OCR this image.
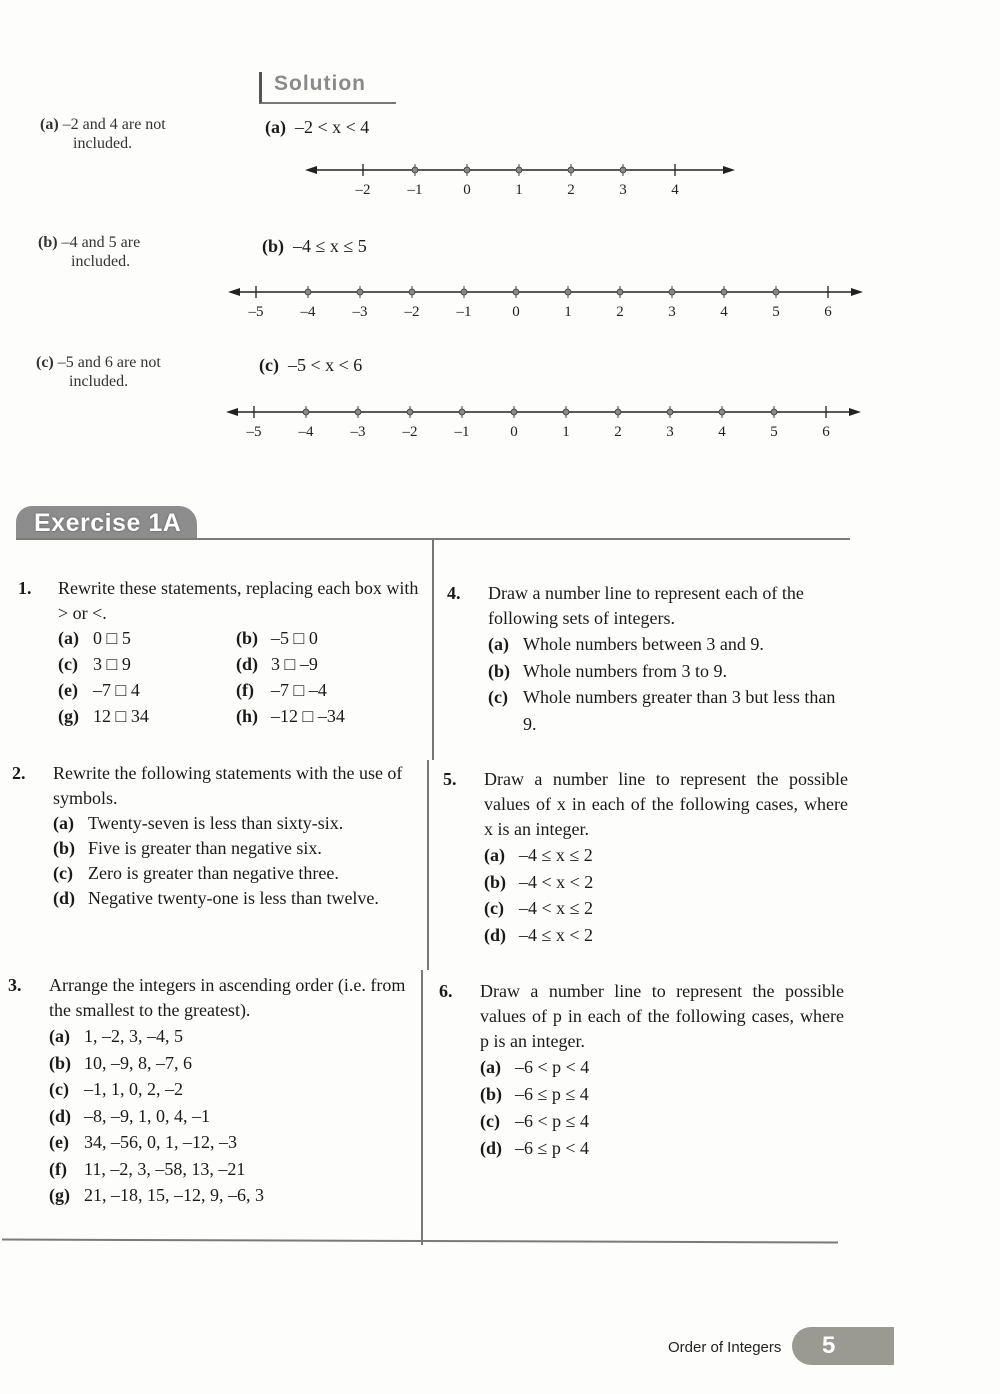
Solution
(a) –2 and 4 are not
included.
(a) –2 < x < 4
–2 –1	0	1	2	3	4
(b) –4 and 5 are
included.
(b) –4 ≤ x ≤ 5
–5 –4 –3 –2 –1	0	1	2	3	4	5	6
(c) –5 and 6 are not
included.
(c) –5 < x < 6
–5 –4 –3 –2 –1	0	1	2	3	4	5	6
Exercise 1A
1. Rewrite these statements, replacing each box with > or <.
(a) 0 □ 5	(b) –5 □ 0
(c) 3 □ 9	(d) 3 □ –9
(e) –7 □ 4	(f) –7 □ –4
(g) 12 □ 34	(h) –12 □ –34
2. Rewrite the following statements with the use of symbols.
(a) Twenty-seven is less than sixty-six.
(b) Five is greater than negative six.
(c) Zero is greater than negative three.
(d) Negative twenty-one is less than twelve.
3. Arrange the integers in ascending order (i.e. from the smallest to the greatest).
(a) 1, –2, 3, –4, 5
(b) 10, –9, 8, –7, 6
(c) –1, 1, 0, 2, –2
(d) –8, –9, 1, 0, 4, –1
(e) 34, –56, 0, 1, –12, –3
(f) 11, –2, 3, –58, 13, –21
(g) 21, –18, 15, –12, 9, –6, 3
4. Draw a number line to represent each of the following sets of integers.
(a) Whole numbers between 3 and 9.
(b) Whole numbers from 3 to 9.
(c) Whole numbers greater than 3 but less than 9.
5. Draw a number line to represent the possible values of x in each of the following cases, where x is an integer.
(a) –4 ≤ x ≤ 2
(b) –4 < x < 2
(c) –4 < x ≤ 2
(d) –4 ≤ x < 2
6. Draw a number line to represent the possible values of p in each of the following cases, where p is an integer.
(a) –6 < p < 4
(b) –6 ≤ p ≤ 4
(c) –6 < p ≤ 4
(d) –6 ≤ p < 4
Order of Integers	5
